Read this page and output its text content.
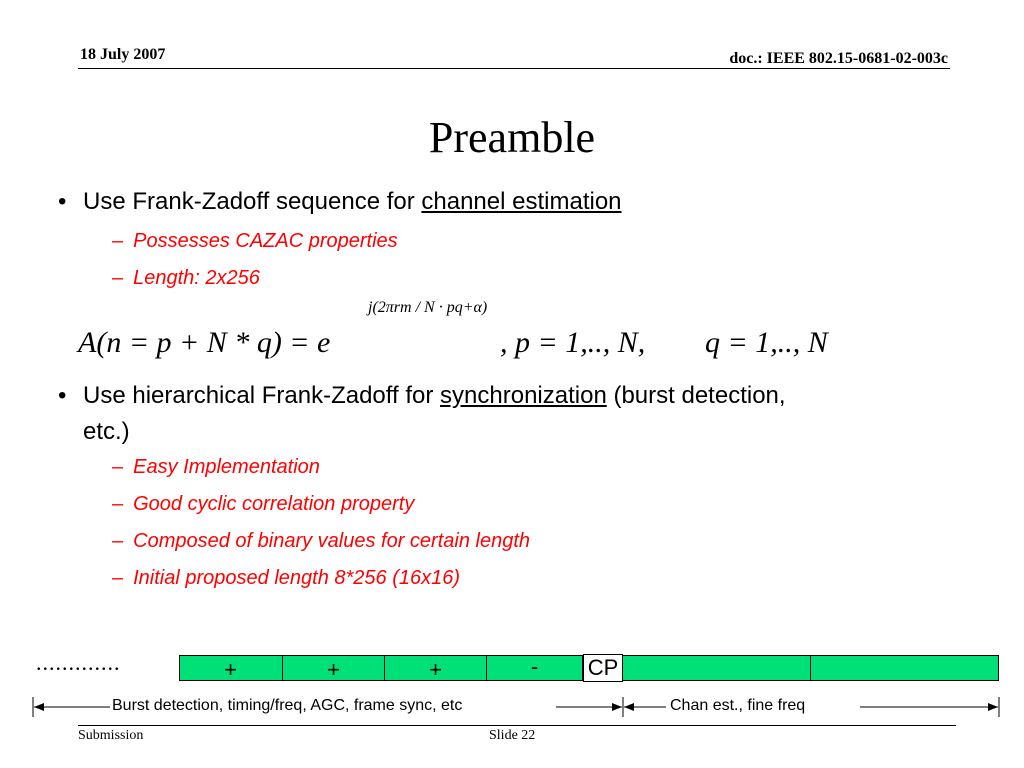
18 July 2007	doc.: IEEE 802.15-0681-02-003c
Preamble
• Use Frank-Zadoff sequence for channel estimation
– Possesses CAZAC properties
– Length: 2x256
A(n = p + N * q) = e
j(2πrm / N · pq+α)
, p = 1,.., N, q = 1,.., N
• Use hierarchical Frank-Zadoff for synchronization (burst detection,
etc.)
– Easy Implementation
– Good cyclic correlation property
– Composed of binary values for certain length
– Initial proposed length 8*256 (16x16)
.............	+	+	+	-	CP
Burst detection, timing/freq, AGC, frame sync, etc	Chan est., fine freq
Submission	Slide 22
